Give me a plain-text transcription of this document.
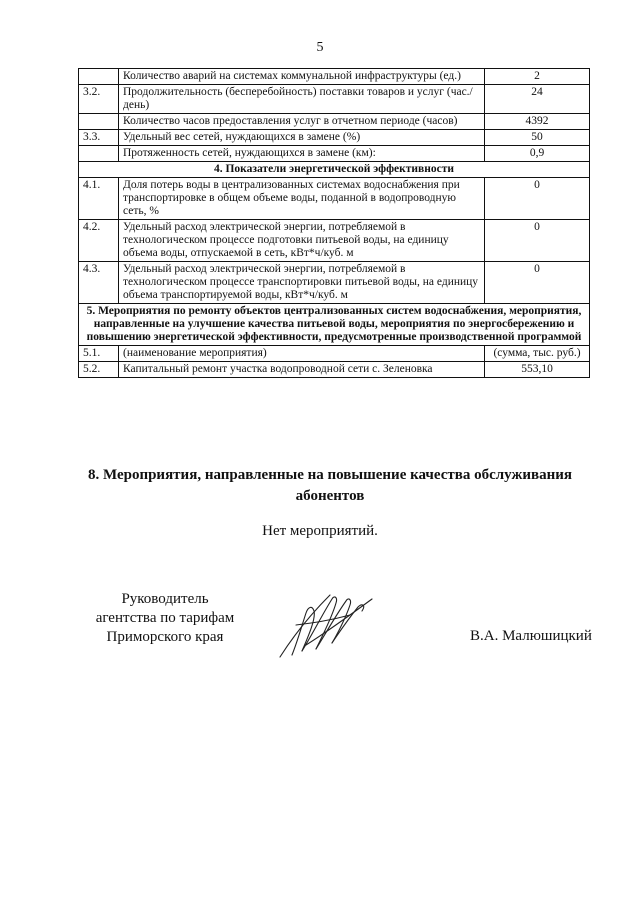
5
	Количество аварий на системах коммунальной инфраструктуры (ед.)	2
3.2.	Продолжительность (бесперебойность) поставки товаров и услуг (час./день)	24
	Количество часов предоставления услуг в отчетном периоде (часов)	4392
3.3.	Удельный вес сетей, нуждающихся в замене (%)	50
	Протяженность сетей, нуждающихся в замене (км):	0,9
4. Показатели энергетической эффективности		
4.1.	Доля потерь воды в централизованных системах водоснабжения при транспортировке в общем объеме воды, поданной в водопроводную сеть, %	0
4.2.	Удельный расход электрической энергии, потребляемой в технологическом процессе подготовки питьевой воды, на единицу объема воды, отпускаемой в сеть, кВт*ч/куб. м	0
4.3.	Удельный расход электрической энергии, потребляемой в технологическом процессе транспортировки питьевой воды, на единицу объема транспортируемой воды, кВт*ч/куб. м	0
5. Мероприятия по ремонту объектов централизованных систем водоснабжения, мероприятия, направленные на улучшение качества питьевой воды, мероприятия по энергосбережению и повышению энергетической эффективности, предусмотренные производственной программой		
5.1.	(наименование мероприятия)	(сумма, тыс. руб.)
5.2.	Капитальный ремонт участка водопроводной сети с. Зеленовка	553,10
8. Мероприятия, направленные на повышение качества обслуживания абонентов
Нет мероприятий.
Руководитель
агентства по тарифам
Приморского края	В.А. Малюшицкий
